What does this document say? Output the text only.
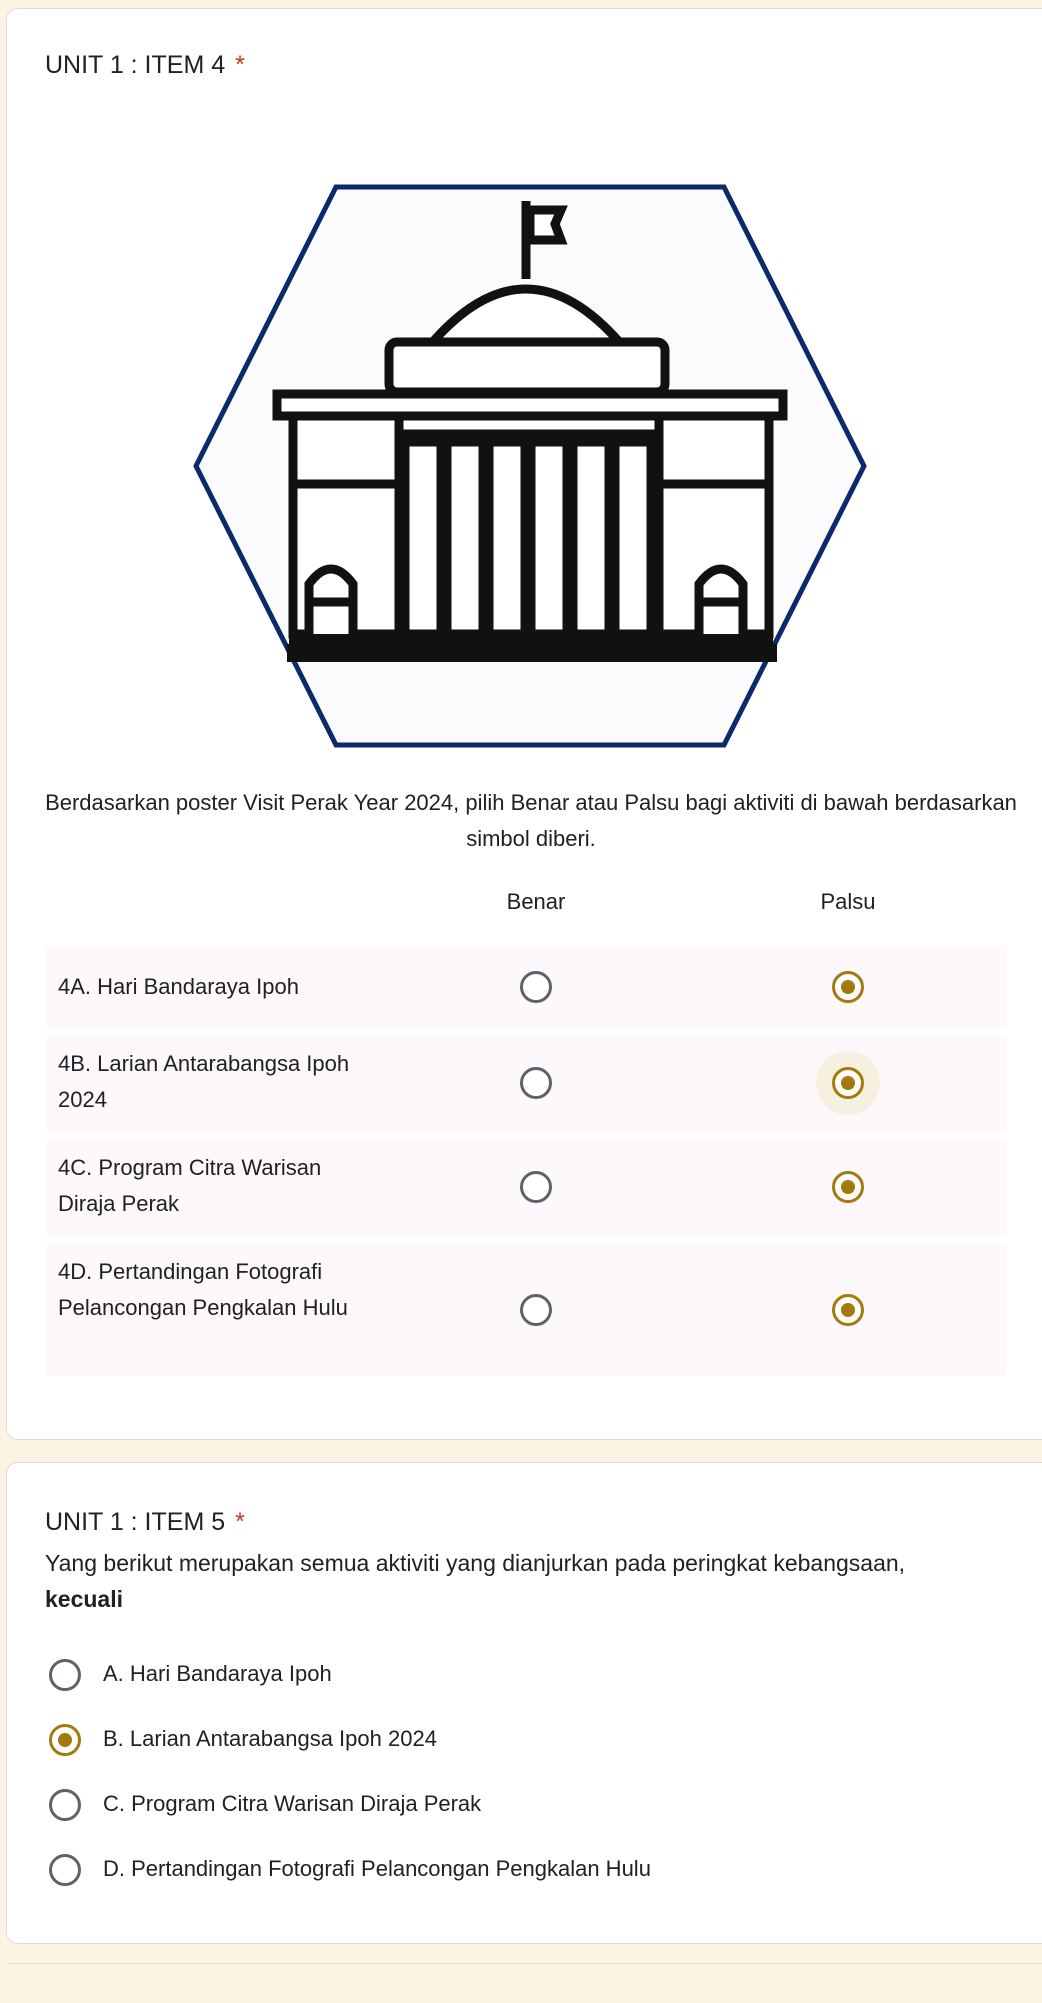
UNIT 1 : ITEM 4 *
Berdasarkan poster Visit Perak Year 2024, pilih Benar atau Palsu bagi aktiviti di bawah berdasarkan simbol diberi.
Benar	Palsu
4A. Hari Bandaraya Ipoh
4B. Larian Antarabangsa Ipoh 2024
4C. Program Citra Warisan Diraja Perak
4D. Pertandingan Fotografi Pelancongan Pengkalan Hulu
UNIT 1 : ITEM 5 *
Yang berikut merupakan semua aktiviti yang dianjurkan pada peringkat kebangsaan,
kecuali
A. Hari Bandaraya Ipoh
B. Larian Antarabangsa Ipoh 2024
C. Program Citra Warisan Diraja Perak
D. Pertandingan Fotografi Pelancongan Pengkalan Hulu
